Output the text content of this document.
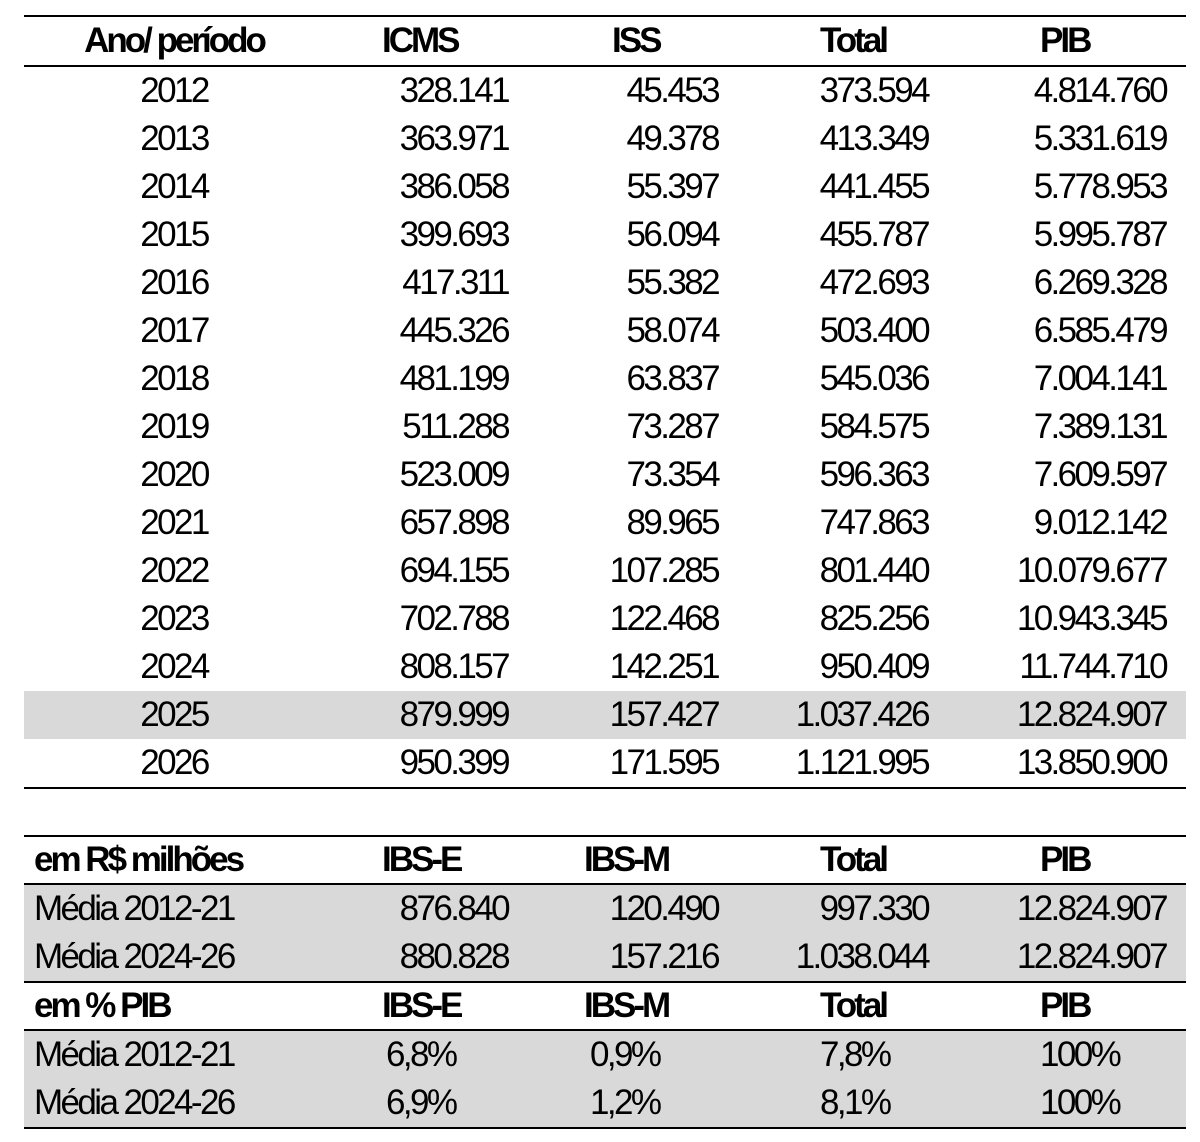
Ano/ período	ICMS	ISS	Total	PIB
2012	328.141	45.453	373.594	4.814.760
2013	363.971	49.378	413.349	5.331.619
2014	386.058	55.397	441.455	5.778.953
2015	399.693	56.094	455.787	5.995.787
2016	417.311	55.382	472.693	6.269.328
2017	445.326	58.074	503.400	6.585.479
2018	481.199	63.837	545.036	7.004.141
2019	511.288	73.287	584.575	7.389.131
2020	523.009	73.354	596.363	7.609.597
2021	657.898	89.965	747.863	9.012.142
2022	694.155	107.285	801.440	10.079.677
2023	702.788	122.468	825.256	10.943.345
2024	808.157	142.251	950.409	11.744.710
2025	879.999	157.427	1.037.426	12.824.907
2026	950.399	171.595	1.121.995	13.850.900
em R$ milhões	IBS-E	IBS-M	Total	PIB
Média 2012-21	876.840	120.490	997.330	12.824.907
Média 2024-26	880.828	157.216	1.038.044	12.824.907
em % PIB	IBS-E	IBS-M	Total	PIB
Média 2012-21	6,8%	0,9%	7,8%	100%
Média 2024-26	6,9%	1,2%	8,1%	100%
